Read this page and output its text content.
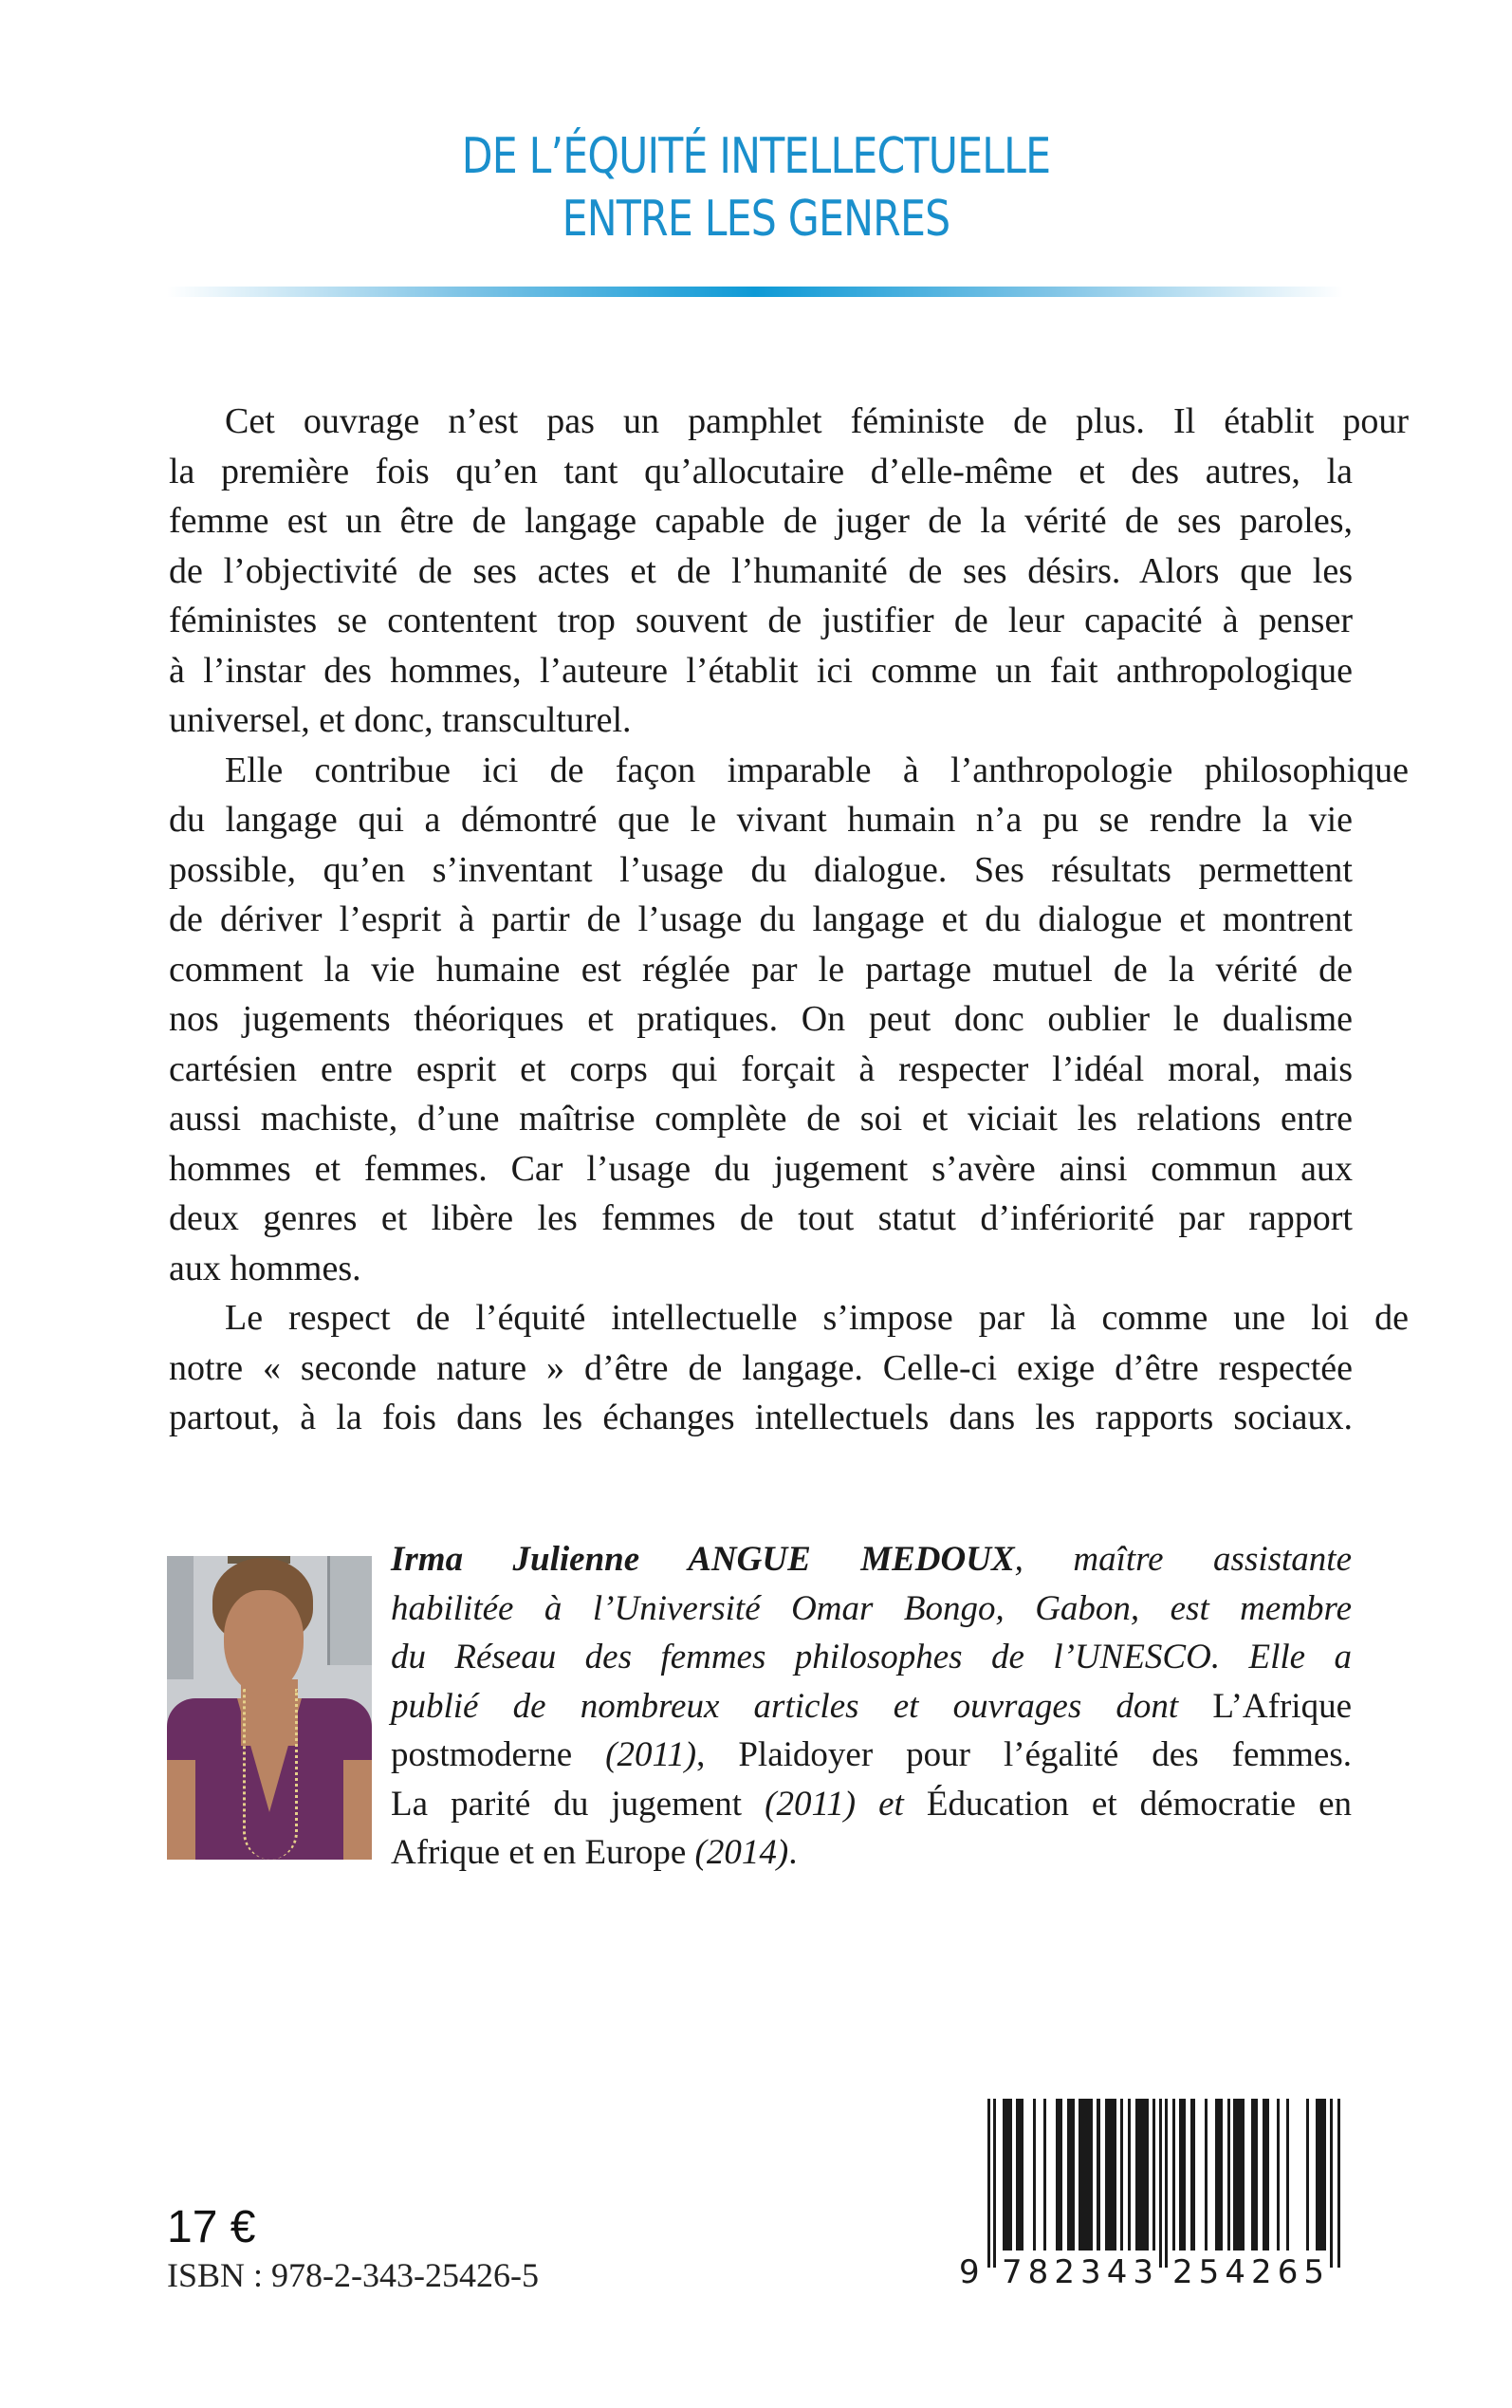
DE L’ÉQUITÉ INTELLECTUELLE
ENTRE LES GENRES
Cet ouvrage n’est pas un pamphlet féministe de plus. Il établit pour
la première fois qu’en tant qu’allocutaire d’elle-même et des autres, la
femme est un être de langage capable de juger de la vérité de ses paroles,
de l’objectivité de ses actes et de l’humanité de ses désirs. Alors que les
féministes se contentent trop souvent de justifier de leur capacité à penser
à l’instar des hommes, l’auteure l’établit ici comme un fait anthropologique
universel, et donc, transculturel.
Elle contribue ici de façon imparable à l’anthropologie philosophique
du langage qui a démontré que le vivant humain n’a pu se rendre la vie
possible, qu’en s’inventant l’usage du dialogue. Ses résultats permettent
de dériver l’esprit à partir de l’usage du langage et du dialogue et montrent
comment la vie humaine est réglée par le partage mutuel de la vérité de
nos jugements théoriques et pratiques. On peut donc oublier le dualisme
cartésien entre esprit et corps qui forçait à respecter l’idéal moral, mais
aussi machiste, d’une maîtrise complète de soi et viciait les relations entre
hommes et femmes. Car l’usage du jugement s’avère ainsi commun aux
deux genres et libère les femmes de tout statut d’infériorité par rapport
aux hommes.
Le respect de l’équité intellectuelle s’impose par là comme une loi de
notre « seconde nature » d’être de langage. Celle-ci exige d’être respectée
partout, à la fois dans les échanges intellectuels dans les rapports sociaux.
Irma Julienne ANGUE MEDOUX, maître assistante
habilitée à l’Université Omar Bongo, Gabon, est membre
du Réseau des femmes philosophes de l’UNESCO. Elle a
publié de nombreux articles et ouvrages dont L’Afrique
postmoderne (2011), Plaidoyer pour l’égalité des femmes.
La parité du jugement (2011) et Éducation et démocratie en
Afrique et en Europe (2014).
17 €
ISBN : 978-2-343-25426-5	9 782343 254265
